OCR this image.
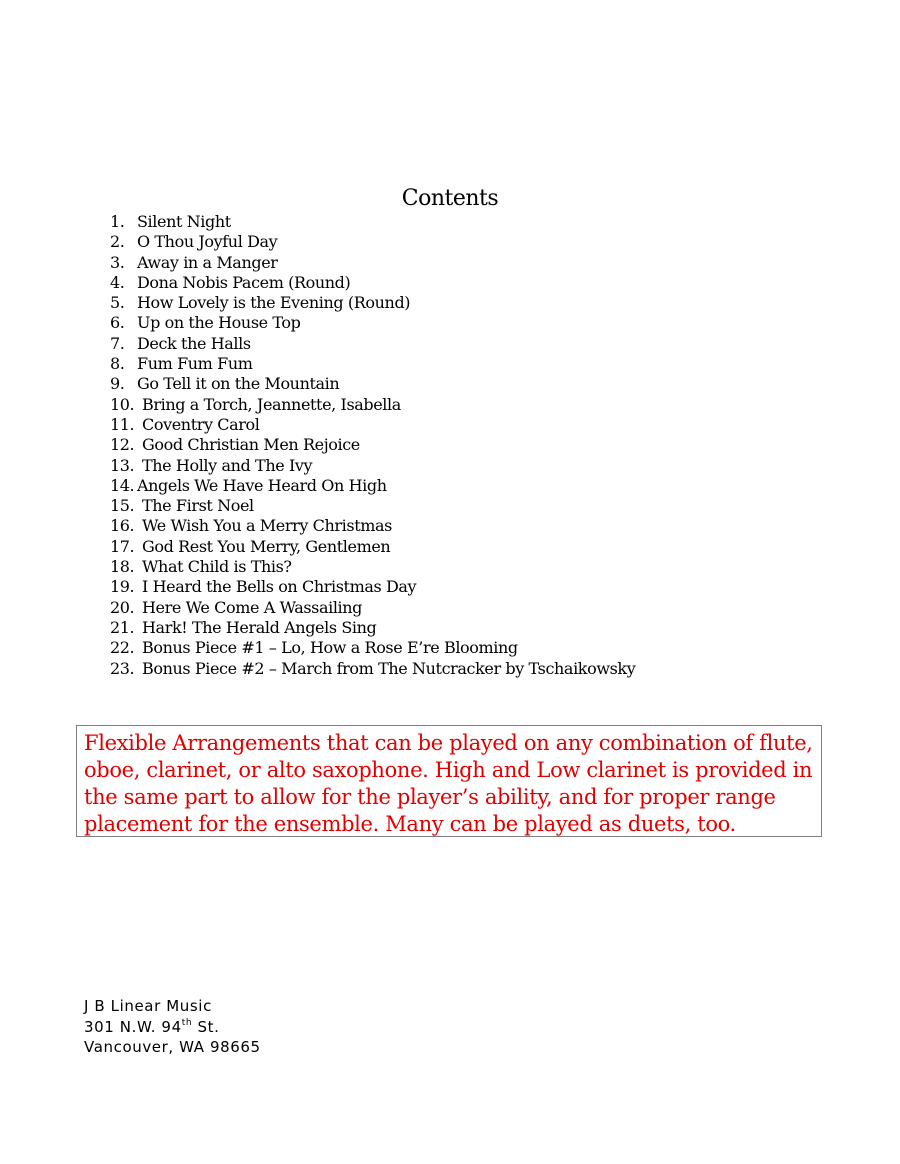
Contents
1. Silent Night
2. O Thou Joyful Day
3. Away in a Manger
4. Dona Nobis Pacem (Round)
5. How Lovely is the Evening (Round)
6. Up on the House Top
7. Deck the Halls
8. Fum Fum Fum
9. Go Tell it on the Mountain
10. Bring a Torch, Jeannette, Isabella
11. Coventry Carol
12. Good Christian Men Rejoice
13. The Holly and The Ivy
14. Angels We Have Heard On High
15. The First Noel
16. We Wish You a Merry Christmas
17. God Rest You Merry, Gentlemen
18. What Child is This?
19. I Heard the Bells on Christmas Day
20. Here We Come A Wassailing
21. Hark! The Herald Angels Sing
22. Bonus Piece #1 – Lo, How a Rose E’re Blooming
23. Bonus Piece #2 – March from The Nutcracker by Tschaikowsky
Flexible Arrangements that can be played on any combination of flute, oboe, clarinet, or alto saxophone. High and Low clarinet is provided in the same part to allow for the player’s ability, and for proper range placement for the ensemble. Many can be played as duets, too.
J B Linear Music
301 N.W. 94th St.
Vancouver, WA 98665
